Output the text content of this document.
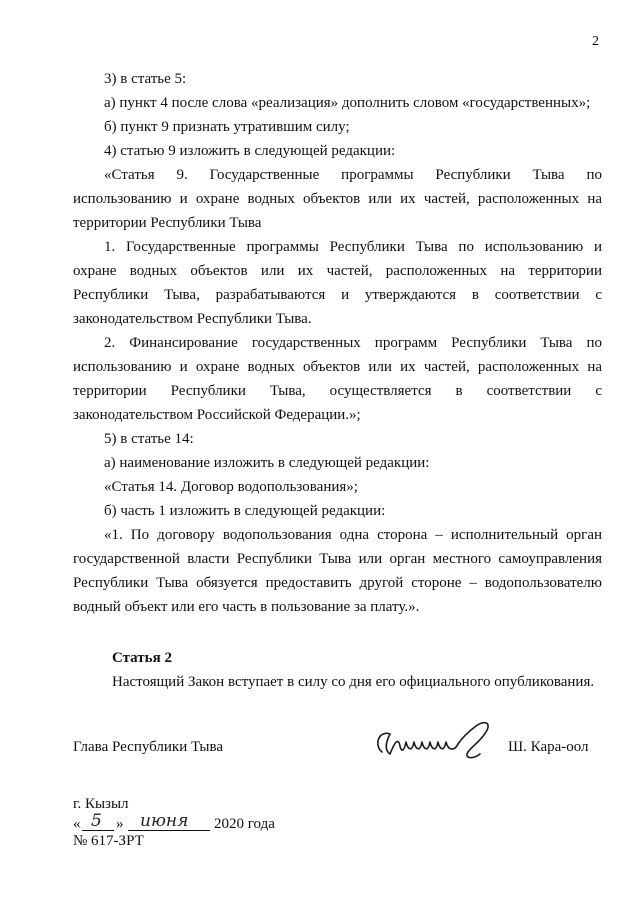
2
3) в статье 5:
а) пункт 4 после слова «реализация» дополнить словом «государственных»;
б) пункт 9 признать утратившим силу;
4) статью 9 изложить в следующей редакции:
«Статья 9. Государственные программы Республики Тыва по
использованию и охране водных объектов или их частей, расположенных на
территории Республики Тыва
1. Государственные программы Республики Тыва по использованию и
охране водных объектов или их частей, расположенных на территории
Республики Тыва, разрабатываются и утверждаются в соответствии с
законодательством Республики Тыва.
2. Финансирование государственных программ Республики Тыва по
использованию и охране водных объектов или их частей, расположенных на
территории Республики Тыва, осуществляется в соответствии с
законодательством Российской Федерации.»;
5) в статье 14:
а) наименование изложить в следующей редакции:
«Статья 14. Договор водопользования»;
б) часть 1 изложить в следующей редакции:
«1. По договору водопользования одна сторона – исполнительный орган
государственной власти Республики Тыва или орган местного самоуправления
Республики Тыва обязуется предоставить другой стороне – водопользователю
водный объект или его часть в пользование за плату.».
Статья 2
Настоящий Закон вступает в силу со дня его официального опубликования.
Глава Республики Тыва	Ш. Кара-оол
г. Кызыл
« 5 » июня 2020 года
№ 617-ЗРТ
